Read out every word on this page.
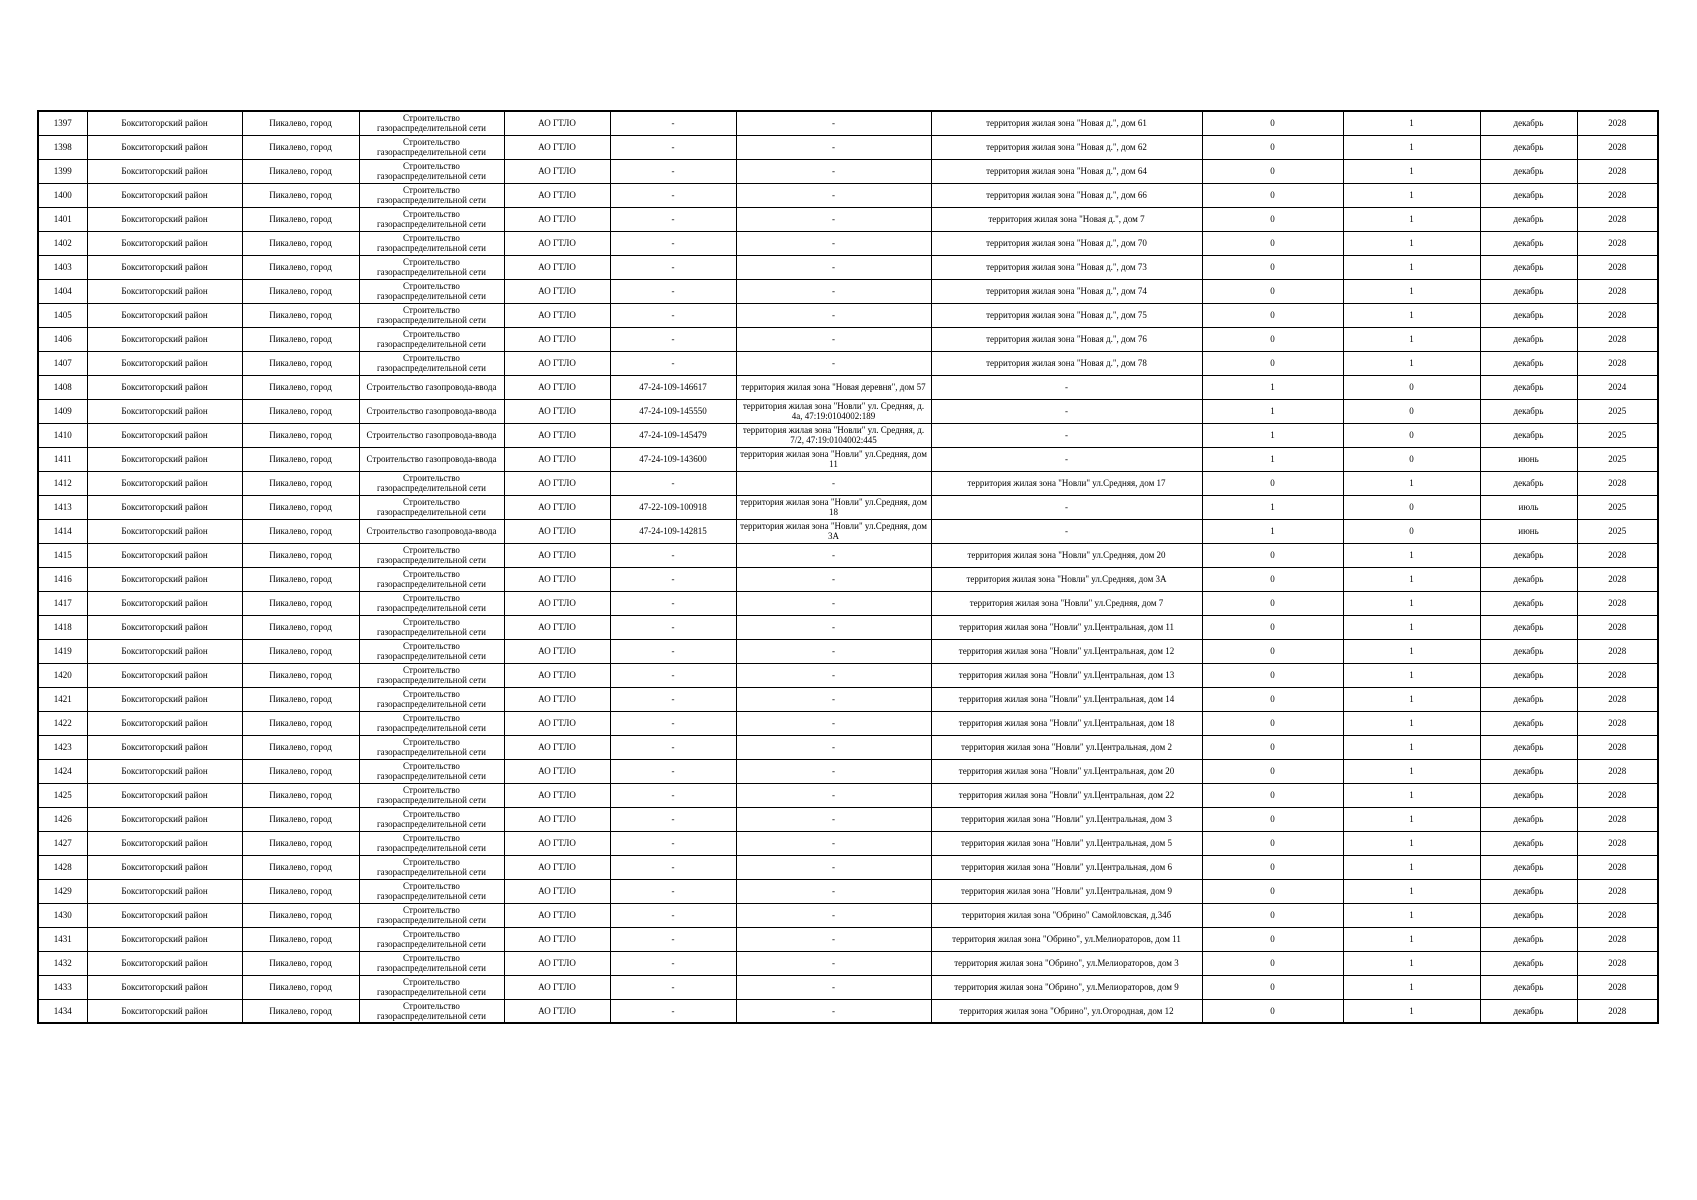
1397	Бокситогорский район	Пикалево, город	Строительство газораспределительной сети	АО ГТЛО	-	-	территория жилая зона "Новая д.", дом 61	0	1	декабрь	2028
1398	Бокситогорский район	Пикалево, город	Строительство газораспределительной сети	АО ГТЛО	-	-	территория жилая зона "Новая д.", дом 62	0	1	декабрь	2028
1399	Бокситогорский район	Пикалево, город	Строительство газораспределительной сети	АО ГТЛО	-	-	территория жилая зона "Новая д.", дом 64	0	1	декабрь	2028
1400	Бокситогорский район	Пикалево, город	Строительство газораспределительной сети	АО ГТЛО	-	-	территория жилая зона "Новая д.", дом 66	0	1	декабрь	2028
1401	Бокситогорский район	Пикалево, город	Строительство газораспределительной сети	АО ГТЛО	-	-	территория жилая зона "Новая д.", дом 7	0	1	декабрь	2028
1402	Бокситогорский район	Пикалево, город	Строительство газораспределительной сети	АО ГТЛО	-	-	территория жилая зона "Новая д.", дом 70	0	1	декабрь	2028
1403	Бокситогорский район	Пикалево, город	Строительство газораспределительной сети	АО ГТЛО	-	-	территория жилая зона "Новая д.", дом 73	0	1	декабрь	2028
1404	Бокситогорский район	Пикалево, город	Строительство газораспределительной сети	АО ГТЛО	-	-	территория жилая зона "Новая д.", дом 74	0	1	декабрь	2028
1405	Бокситогорский район	Пикалево, город	Строительство газораспределительной сети	АО ГТЛО	-	-	территория жилая зона "Новая д.", дом 75	0	1	декабрь	2028
1406	Бокситогорский район	Пикалево, город	Строительство газораспределительной сети	АО ГТЛО	-	-	территория жилая зона "Новая д.", дом 76	0	1	декабрь	2028
1407	Бокситогорский район	Пикалево, город	Строительство газораспределительной сети	АО ГТЛО	-	-	территория жилая зона "Новая д.", дом 78	0	1	декабрь	2028
1408	Бокситогорский район	Пикалево, город	Строительство газопровода-ввода	АО ГТЛО	47-24-109-146617	территория жилая зона "Новая деревня", дом 57	-	1	0	декабрь	2024
1409	Бокситогорский район	Пикалево, город	Строительство газопровода-ввода	АО ГТЛО	47-24-109-145550	территория жилая зона "Новли" ул. Средняя, д. 4а, 47:19:0104002:189	-	1	0	декабрь	2025
1410	Бокситогорский район	Пикалево, город	Строительство газопровода-ввода	АО ГТЛО	47-24-109-145479	территория жилая зона "Новли" ул. Средняя, д. 7/2, 47:19:0104002:445	-	1	0	декабрь	2025
1411	Бокситогорский район	Пикалево, город	Строительство газопровода-ввода	АО ГТЛО	47-24-109-143600	территория жилая зона "Новли" ул.Средняя, дом 11	-	1	0	июнь	2025
1412	Бокситогорский район	Пикалево, город	Строительство газораспределительной сети	АО ГТЛО	-	-	территория жилая зона "Новли" ул.Средняя, дом 17	0	1	декабрь	2028
1413	Бокситогорский район	Пикалево, город	Строительство газораспределительной сети	АО ГТЛО	47-22-109-100918	территория жилая зона "Новли" ул.Средняя, дом 18	-	1	0	июль	2025
1414	Бокситогорский район	Пикалево, город	Строительство газопровода-ввода	АО ГТЛО	47-24-109-142815	территория жилая зона "Новли" ул.Средняя, дом 3А	-	1	0	июнь	2025
1415	Бокситогорский район	Пикалево, город	Строительство газораспределительной сети	АО ГТЛО	-	-	территория жилая зона "Новли" ул.Средняя, дом 20	0	1	декабрь	2028
1416	Бокситогорский район	Пикалево, город	Строительство газораспределительной сети	АО ГТЛО	-	-	территория жилая зона "Новли" ул.Средняя, дом 3А	0	1	декабрь	2028
1417	Бокситогорский район	Пикалево, город	Строительство газораспределительной сети	АО ГТЛО	-	-	территория жилая зона "Новли" ул.Средняя, дом 7	0	1	декабрь	2028
1418	Бокситогорский район	Пикалево, город	Строительство газораспределительной сети	АО ГТЛО	-	-	территория жилая зона "Новли" ул.Центральная, дом 11	0	1	декабрь	2028
1419	Бокситогорский район	Пикалево, город	Строительство газораспределительной сети	АО ГТЛО	-	-	территория жилая зона "Новли" ул.Центральная, дом 12	0	1	декабрь	2028
1420	Бокситогорский район	Пикалево, город	Строительство газораспределительной сети	АО ГТЛО	-	-	территория жилая зона "Новли" ул.Центральная, дом 13	0	1	декабрь	2028
1421	Бокситогорский район	Пикалево, город	Строительство газораспределительной сети	АО ГТЛО	-	-	территория жилая зона "Новли" ул.Центральная, дом 14	0	1	декабрь	2028
1422	Бокситогорский район	Пикалево, город	Строительство газораспределительной сети	АО ГТЛО	-	-	территория жилая зона "Новли" ул.Центральная, дом 18	0	1	декабрь	2028
1423	Бокситогорский район	Пикалево, город	Строительство газораспределительной сети	АО ГТЛО	-	-	территория жилая зона "Новли" ул.Центральная, дом 2	0	1	декабрь	2028
1424	Бокситогорский район	Пикалево, город	Строительство газораспределительной сети	АО ГТЛО	-	-	территория жилая зона "Новли" ул.Центральная, дом 20	0	1	декабрь	2028
1425	Бокситогорский район	Пикалево, город	Строительство газораспределительной сети	АО ГТЛО	-	-	территория жилая зона "Новли" ул.Центральная, дом 22	0	1	декабрь	2028
1426	Бокситогорский район	Пикалево, город	Строительство газораспределительной сети	АО ГТЛО	-	-	территория жилая зона "Новли" ул.Центральная, дом 3	0	1	декабрь	2028
1427	Бокситогорский район	Пикалево, город	Строительство газораспределительной сети	АО ГТЛО	-	-	территория жилая зона "Новли" ул.Центральная, дом 5	0	1	декабрь	2028
1428	Бокситогорский район	Пикалево, город	Строительство газораспределительной сети	АО ГТЛО	-	-	территория жилая зона "Новли" ул.Центральная, дом 6	0	1	декабрь	2028
1429	Бокситогорский район	Пикалево, город	Строительство газораспределительной сети	АО ГТЛО	-	-	территория жилая зона "Новли" ул.Центральная, дом 9	0	1	декабрь	2028
1430	Бокситогорский район	Пикалево, город	Строительство газораспределительной сети	АО ГТЛО	-	-	территория жилая зона "Обрино" Самойловская, д.34б	0	1	декабрь	2028
1431	Бокситогорский район	Пикалево, город	Строительство газораспределительной сети	АО ГТЛО	-	-	территория жилая зона "Обрино", ул.Мелиораторов, дом 11	0	1	декабрь	2028
1432	Бокситогорский район	Пикалево, город	Строительство газораспределительной сети	АО ГТЛО	-	-	территория жилая зона "Обрино", ул.Мелиораторов, дом 3	0	1	декабрь	2028
1433	Бокситогорский район	Пикалево, город	Строительство газораспределительной сети	АО ГТЛО	-	-	территория жилая зона "Обрино", ул.Мелиораторов, дом 9	0	1	декабрь	2028
1434	Бокситогорский район	Пикалево, город	Строительство газораспределительной сети	АО ГТЛО	-	-	территория жилая зона "Обрино", ул.Огородная, дом 12	0	1	декабрь	2028
